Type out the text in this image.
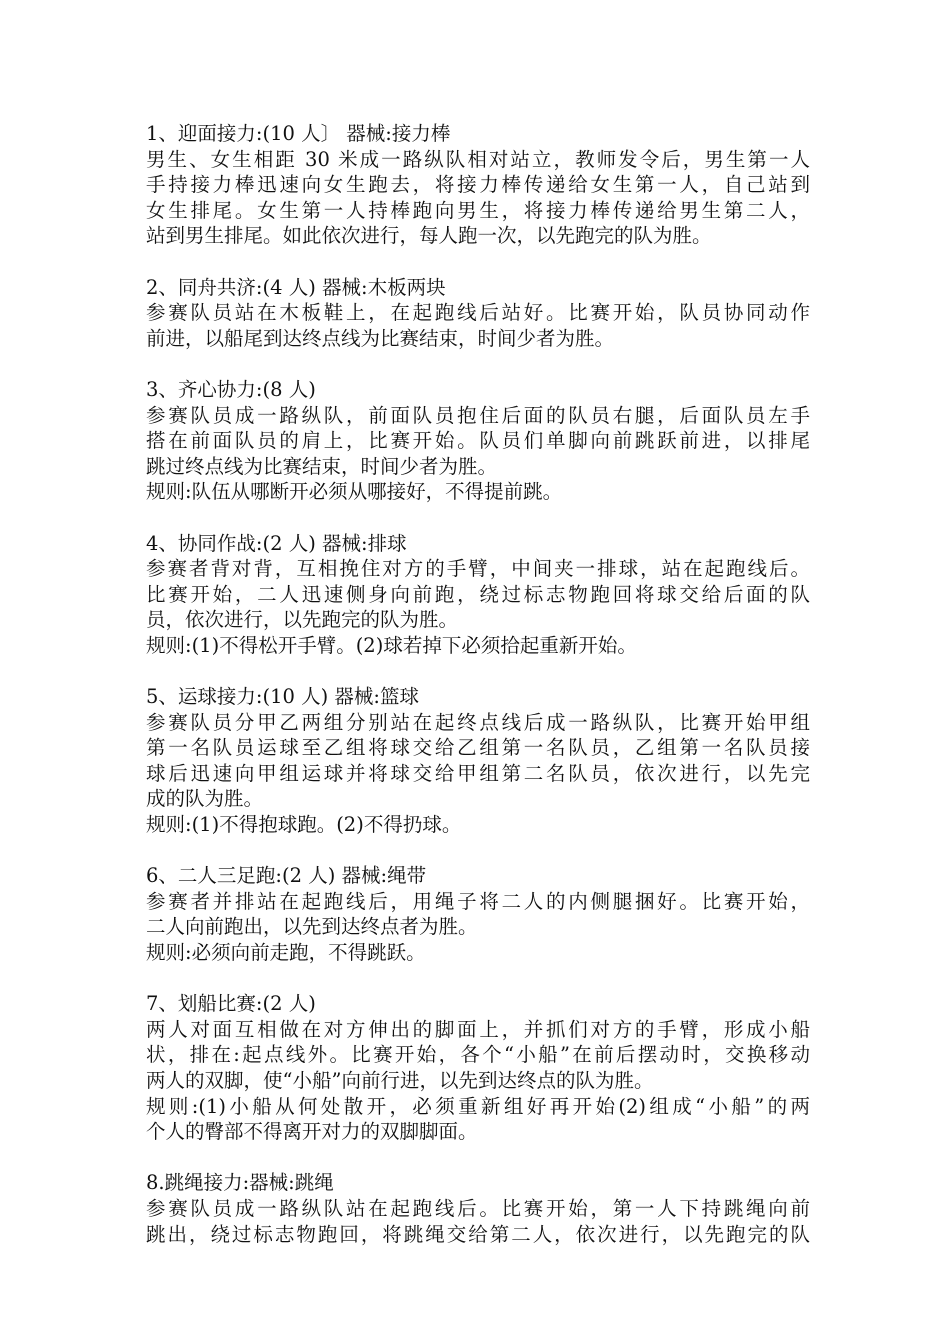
1、迎面接力:(10 人〕 器械:接力棒
男生、女生相距 30 米成一路纵队相对站立，教师发令后，男生第一人
手持接力棒迅速向女生跑去，将接力棒传递给女生第一人，自己站到
女生排尾。女生第一人持棒跑向男生，将接力棒传递给男生第二人，
站到男生排尾。如此依次进行，每人跑一次，以先跑完的队为胜。
2、同舟共济:(4 人) 器械:木板两块
参赛队员站在木板鞋上，在起跑线后站好。比赛开始，队员协同动作
前进，以船尾到达终点线为比赛结束，时间少者为胜。
3、齐心协力:(8 人)
参赛队员成一路纵队，前面队员抱住后面的队员右腿，后面队员左手
搭在前面队员的肩上，比赛开始。队员们单脚向前跳跃前进，以排尾
跳过终点线为比赛结束，时间少者为胜。
规则:队伍从哪断开必须从哪接好，不得提前跳。
4、协同作战:(2 人) 器械:排球
参赛者背对背，互相挽住对方的手臂，中间夹一排球，站在起跑线后。
比赛开始，二人迅速侧身向前跑，绕过标志物跑回将球交给后面的队
员，依次进行，以先跑完的队为胜。
规则:(1)不得松开手臂。(2)球若掉下必须拾起重新开始。
5、运球接力:(10 人) 器械:篮球
参赛队员分甲乙两组分别站在起终点线后成一路纵队，比赛开始甲组
第一名队员运球至乙组将球交给乙组第一名队员，乙组第一名队员接
球后迅速向甲组运球并将球交给甲组第二名队员，依次进行，以先完
成的队为胜。
规则:(1)不得抱球跑。(2)不得扔球。
6、二人三足跑:(2 人) 器械:绳带
参赛者并排站在起跑线后，用绳子将二人的内侧腿捆好。比赛开始，
二人向前跑出，以先到达终点者为胜。
规则:必须向前走跑，不得跳跃。
7、划船比赛:(2 人)
两人对面互相做在对方伸出的脚面上，并抓们对方的手臂，形成小船
状，排在:起点线外。比赛开始，各个“小船”在前后摆动时，交换移动
两人的双脚，使“小船”向前行进，以先到达终点的队为胜。
规则:(1)小船从何处散开，必须重新组好再开始(2)组成“小船”的两
个人的臀部不得离开对力的双脚脚面。
8.跳绳接力:器械:跳绳
参赛队员成一路纵队站在起跑线后。比赛开始，第一人下持跳绳向前
跳出，绕过标志物跑回，将跳绳交给第二人，依次进行，以先跑完的队
